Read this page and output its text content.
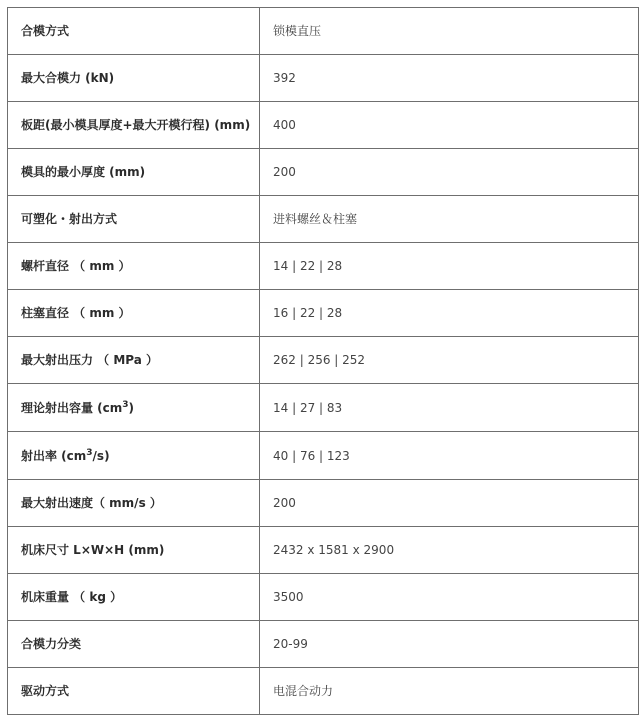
合模方式	锁模直压
最大合模力 (kN)	392
板距(最小模具厚度+最大开模行程) (mm)	400
模具的最小厚度 (mm)	200
可塑化・射出方式	进料螺丝＆柱塞
螺杆直径 （ mm ）	14 | 22 | 28
柱塞直径 （ mm ）	16 | 22 | 28
最大射出压力 （ MPa ）	262 | 256 | 252
理论射出容量 $(cm^3)$	14 | 27 | 83
射出率 $(cm^3/s)$	40 | 76 | 123
最大射出速度（ mm/s ）	200
机床尺寸 L×W×H (mm)	2432 x 1581 x 2900
机床重量 （ kg ）	3500
合模力分类	20-99
驱动方式	电混合动力
